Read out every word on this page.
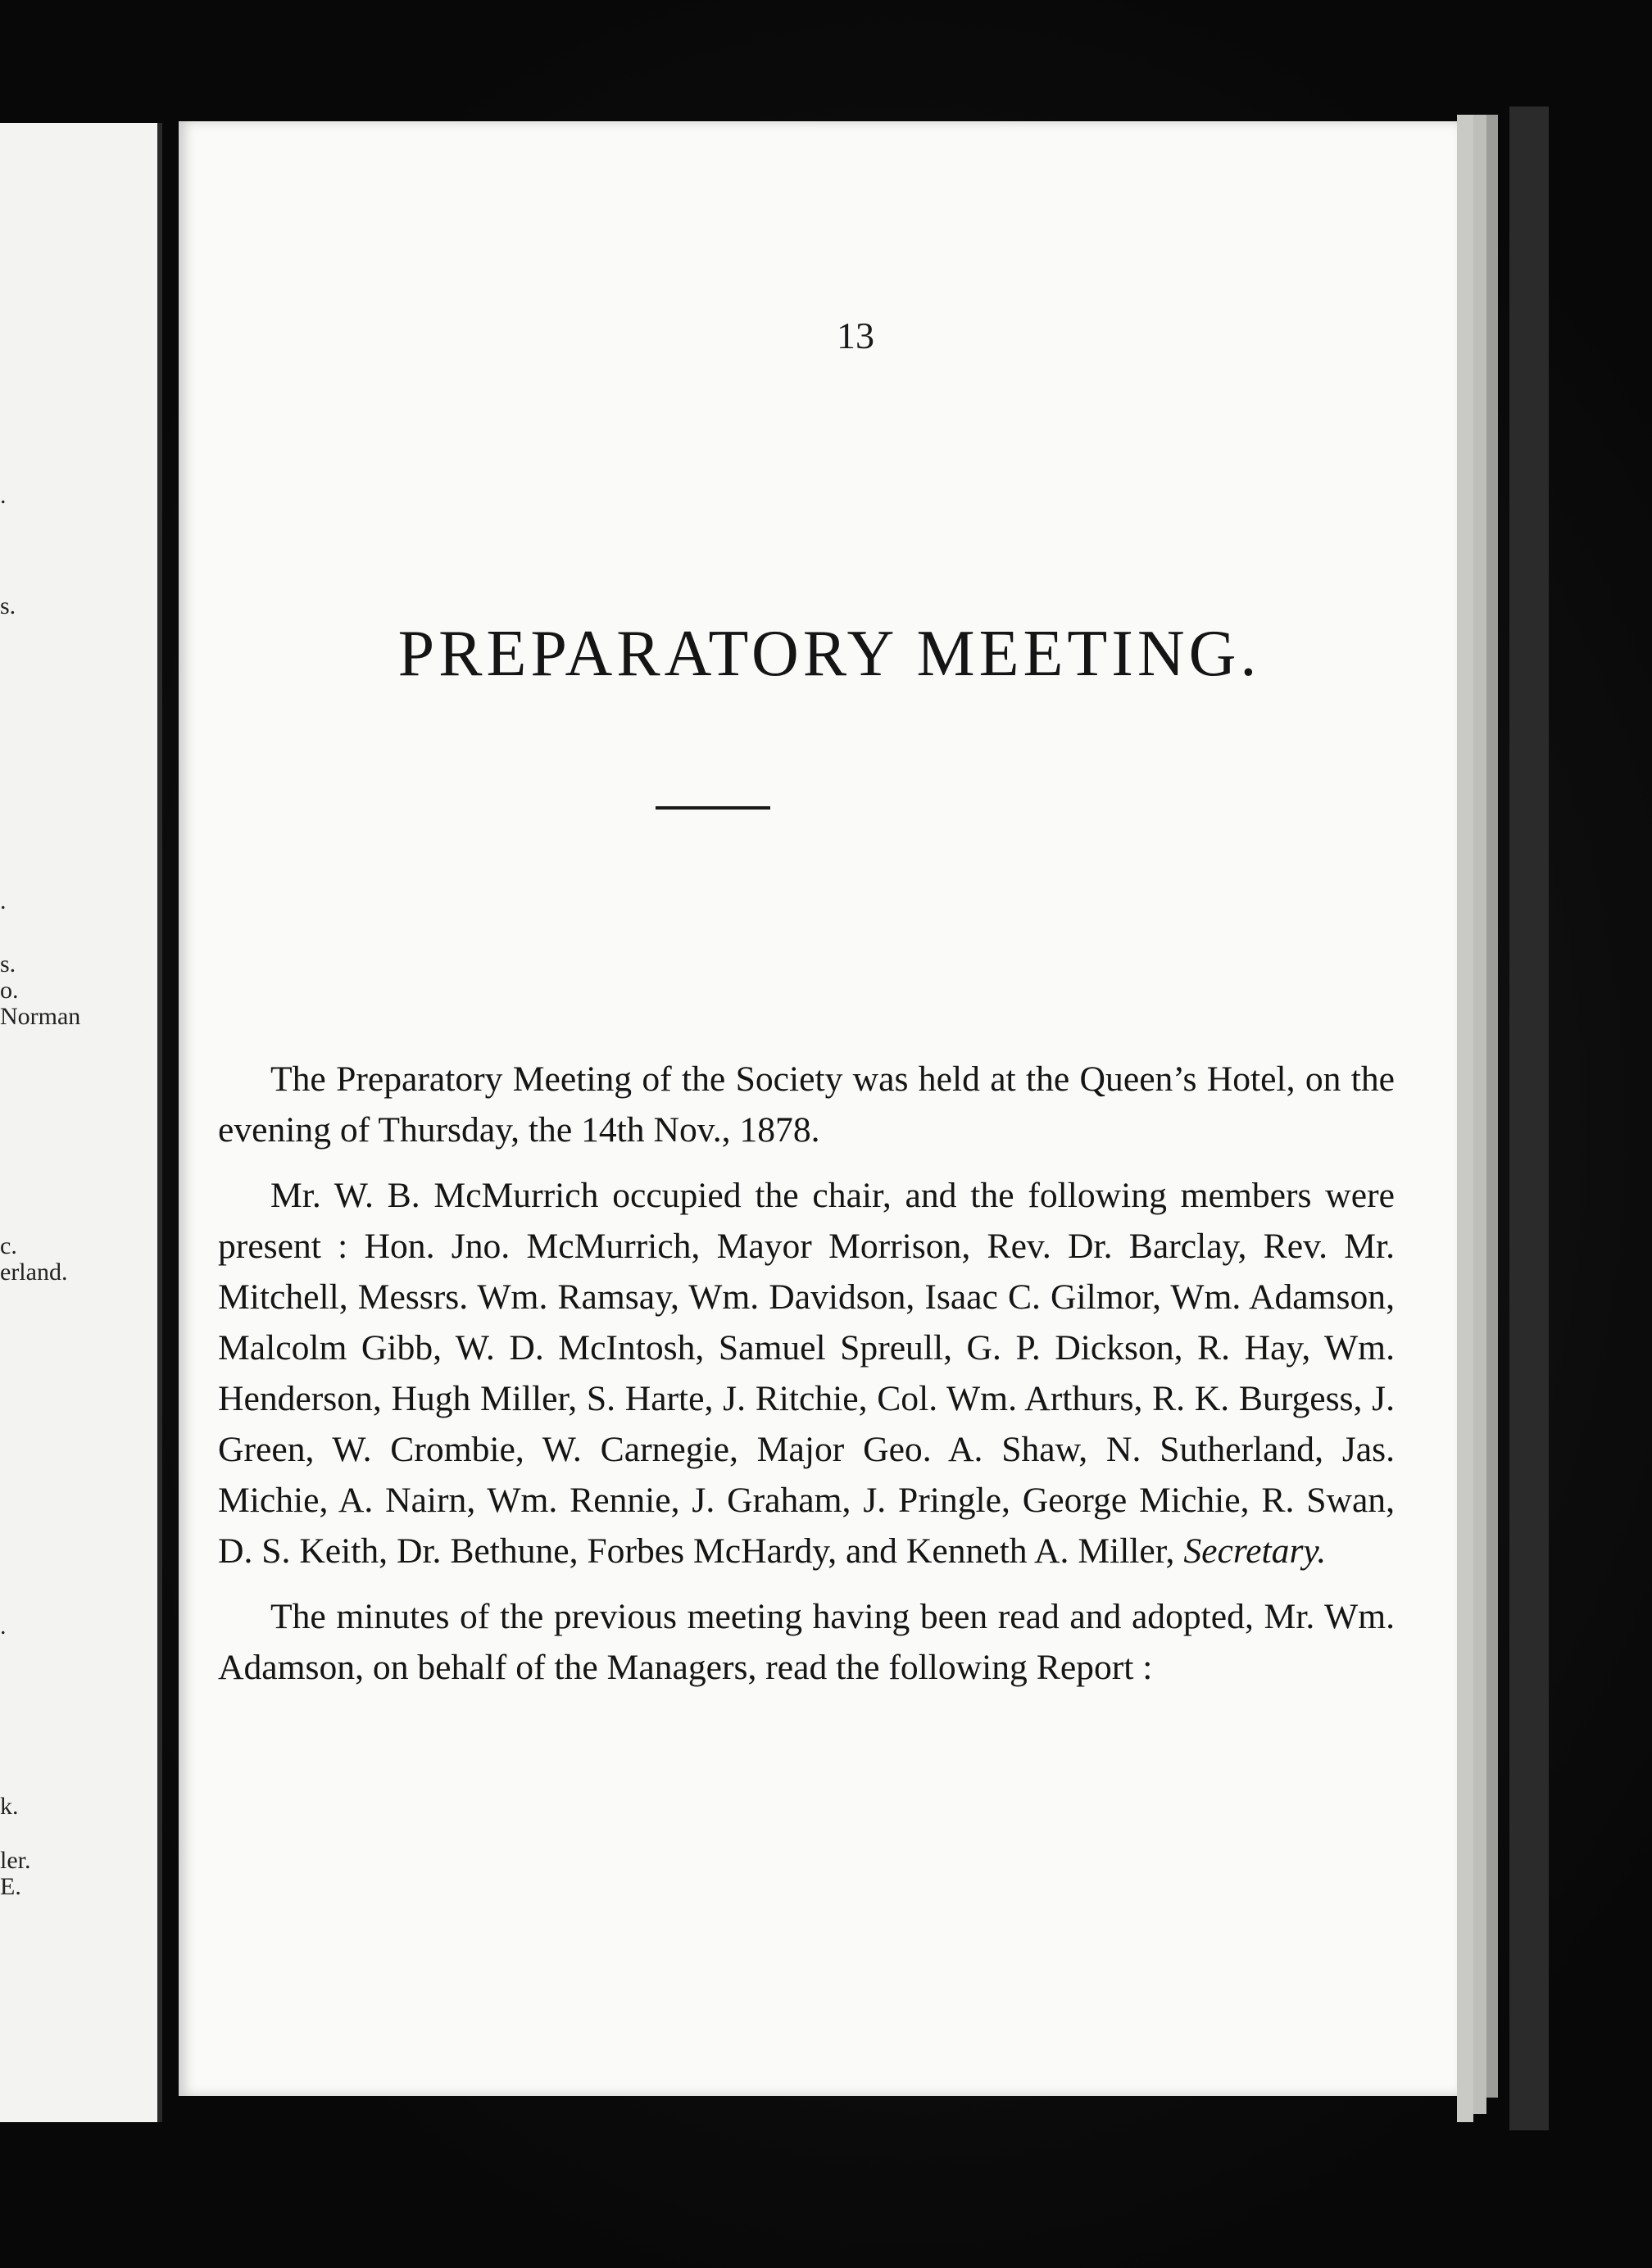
.
s.
.
s.
o.
Norman
c.
erland.
.
k.
ler.
E.
13
PREPARATORY MEETING.

The Preparatory Meeting of the Society was held at the Queen’s Hotel, on the evening of Thursday, the 14th Nov., 1878.

Mr. W. B. McMurrich occupied the chair, and the following members were present : Hon. Jno. McMurrich, Mayor Morrison, Rev. Dr. Barclay, Rev. Mr. Mitchell, Messrs. Wm. Ramsay, Wm. Davidson, Isaac C. Gilmor, Wm. Adamson, Malcolm Gibb, W. D. McIntosh, Samuel Spreull, G. P. Dickson, R. Hay, Wm. Henderson, Hugh Miller, S. Harte, J. Ritchie, Col. Wm. Arthurs, R. K. Burgess, J. Green, W. Crombie, W. Carnegie, Major Geo. A. Shaw, N. Sutherland, Jas. Michie, A. Nairn, Wm. Rennie, J. Graham, J. Pringle, George Michie, R. Swan, D. S. Keith, Dr. Bethune, Forbes McHardy, and Kenneth A. Miller, Secretary.

The minutes of the previous meeting having been read and adopted, Mr. Wm. Adamson, on behalf of the Managers, read the following Report :
